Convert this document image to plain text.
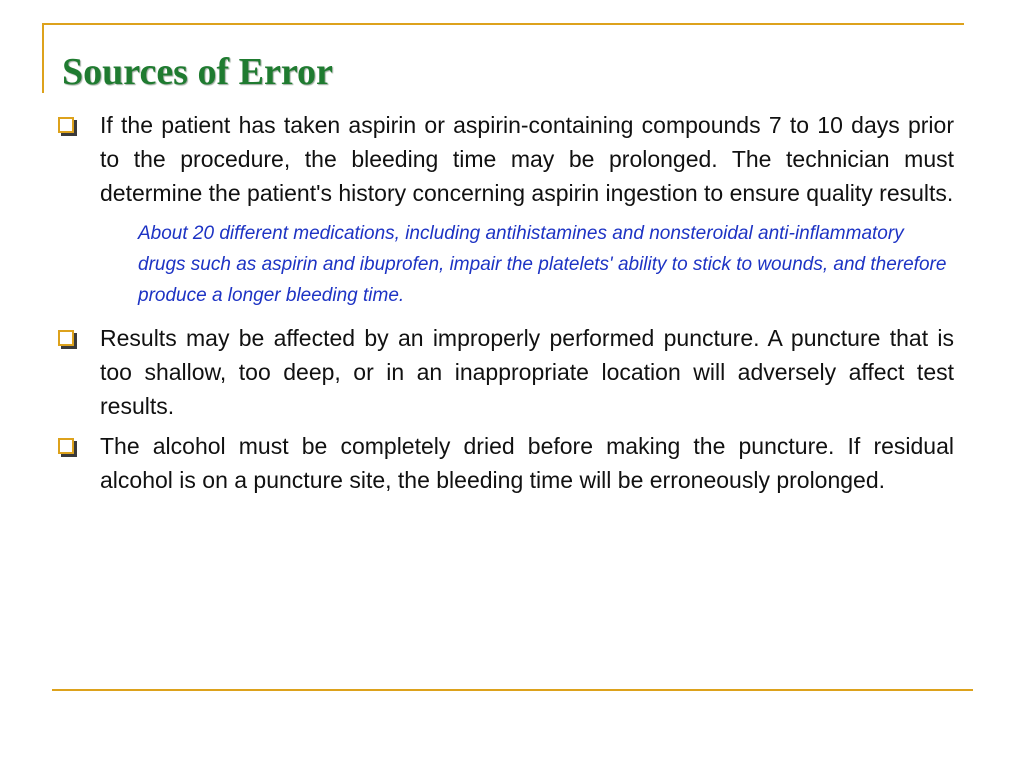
Sources of Error
If the patient has taken aspirin or aspirin-containing compounds 7 to 10 days prior to the procedure, the bleeding time may be prolonged. The technician must determine the patient's history concerning aspirin ingestion to ensure quality results.
About 20 different medications, including antihistamines and nonsteroidal anti-inflammatory drugs such as aspirin and ibuprofen, impair the platelets' ability to stick to wounds, and therefore produce a longer bleeding time.
Results may be affected by an improperly performed puncture. A puncture that is too shallow, too deep, or in an inappropriate location will adversely affect test results.
The alcohol must be completely dried before making the puncture. If residual alcohol is on a puncture site, the bleeding time will be erroneously prolonged.
